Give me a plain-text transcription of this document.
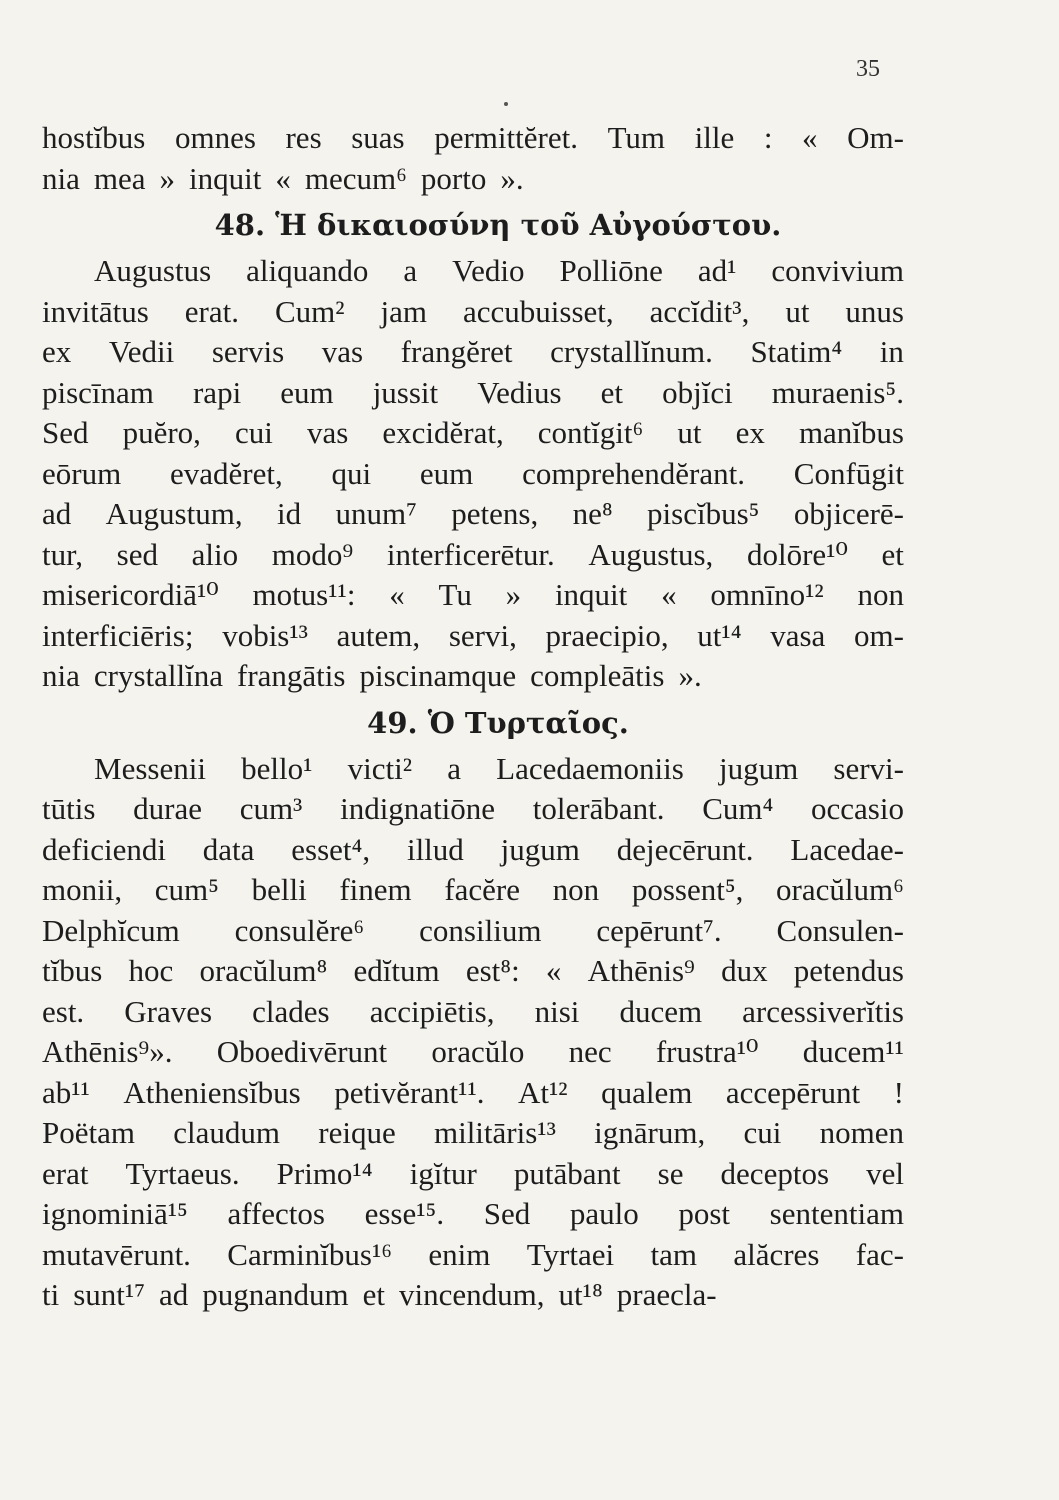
35
hostĭbus omnes res suas permittĕret. Tum ille : « Om-
nia mea » inquit « mecum⁶ porto ».
48. Ἡ δικαιοσύνη τοῦ Αὐγούστου.
Augustus aliquando a Vedio Polliōne ad¹ convivium
invitātus erat. Cum² jam accubuisset, accĭdit³, ut unus
ex Vedii servis vas frangĕret crystallĭnum. Statim⁴ in
piscīnam rapi eum jussit Vedius et objĭci muraenis⁵.
Sed puĕro, cui vas excidĕrat, contĭgit⁶ ut ex manĭbus
eōrum evadĕret, qui eum comprehendĕrant. Confūgit
ad Augustum, id unum⁷ petens, ne⁸ piscĭbus⁵ objicerē-
tur, sed alio modo⁹ interficerētur. Augustus, dolōre¹⁰ et
misericordiā¹⁰ motus¹¹: « Tu » inquit « omnīno¹² non
interficiēris; vobis¹³ autem, servi, praecipio, ut¹⁴ vasa om-
nia crystallĭna frangātis piscinamque compleātis ».
49. Ὁ Τυρταῖος.
Messenii bello¹ victi² a Lacedaemoniis jugum servi-
tūtis durae cum³ indignatiōne tolerābant. Cum⁴ occasio
deficiendi data esset⁴, illud jugum dejecērunt. Lacedae-
monii, cum⁵ belli finem facĕre non possent⁵, oracŭlum⁶
Delphĭcum consulĕre⁶ consilium cepērunt⁷. Consulen-
tĭbus hoc oracŭlum⁸ edĭtum est⁸: « Athēnis⁹ dux petendus
est. Graves clades accipiētis, nisi ducem arcessiverĭtis
Athēnis⁹». Oboedivērunt oracŭlo nec frustra¹⁰ ducem¹¹
ab¹¹ Atheniensĭbus petivĕrant¹¹. At¹² qualem accepērunt !
Poëtam claudum reique militāris¹³ ignārum, cui nomen
erat Tyrtaeus. Primo¹⁴ igĭtur putābant se deceptos vel
ignominiā¹⁵ affectos esse¹⁵. Sed paulo post sententiam
mutavērunt. Carminĭbus¹⁶ enim Tyrtaei tam alăcres fac-
ti sunt¹⁷ ad pugnandum et vincendum, ut¹⁸ praecla-
